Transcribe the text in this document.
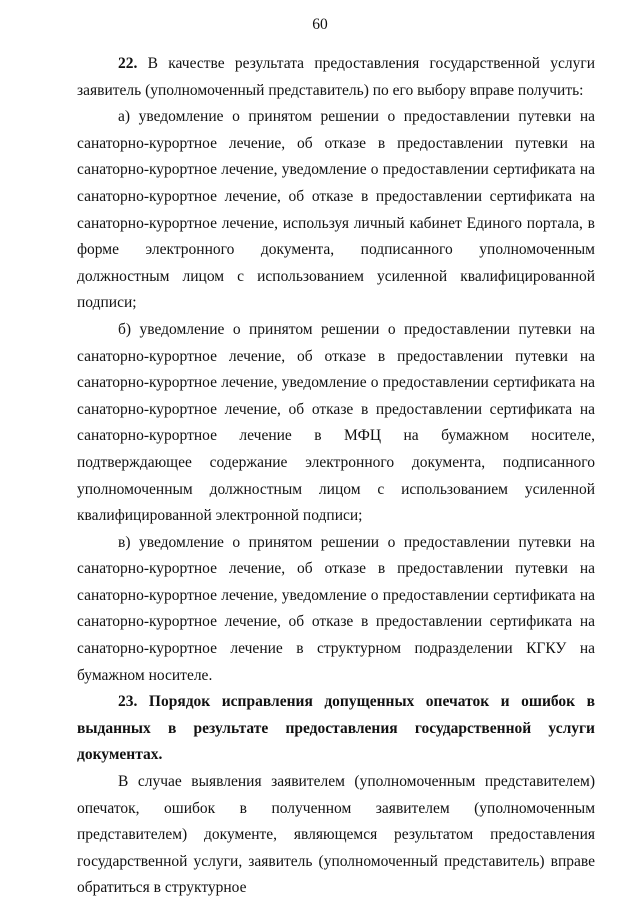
60

22. В качестве результата предоставления государственной услуги заявитель (уполномоченный представитель) по его выбору вправе получить:

а) уведомление о принятом решении о предоставлении путевки на санаторно-курортное лечение, об отказе в предоставлении путевки на санаторно-курортное лечение, уведомление о предоставлении сертификата на санаторно-курортное лечение, об отказе в предоставлении сертификата на санаторно-курортное лечение, используя личный кабинет Единого портала, в форме электронного документа, подписанного уполномоченным должностным лицом с использованием усиленной квалифицированной подписи;

б) уведомление о принятом решении о предоставлении путевки на санаторно-курортное лечение, об отказе в предоставлении путевки на санаторно-курортное лечение, уведомление о предоставлении сертификата на санаторно-курортное лечение, об отказе в предоставлении сертификата на санаторно-курортное лечение в МФЦ на бумажном носителе, подтверждающее содержание электронного документа, подписанного уполномоченным должностным лицом с использованием усиленной квалифицированной электронной подписи;

в) уведомление о принятом решении о предоставлении путевки на санаторно-курортное лечение, об отказе в предоставлении путевки на санаторно-курортное лечение, уведомление о предоставлении сертификата на санаторно-курортное лечение, об отказе в предоставлении сертификата на санаторно-курортное лечение в структурном подразделении КГКУ на бумажном носителе.

23. Порядок исправления допущенных опечаток и ошибок в выданных в результате предоставления государственной услуги документах.

В случае выявления заявителем (уполномоченным представителем) опечаток, ошибок в полученном заявителем (уполномоченным представителем) документе, являющемся результатом предоставления государственной услуги, заявитель (уполномоченный представитель) вправе обратиться в структурное
